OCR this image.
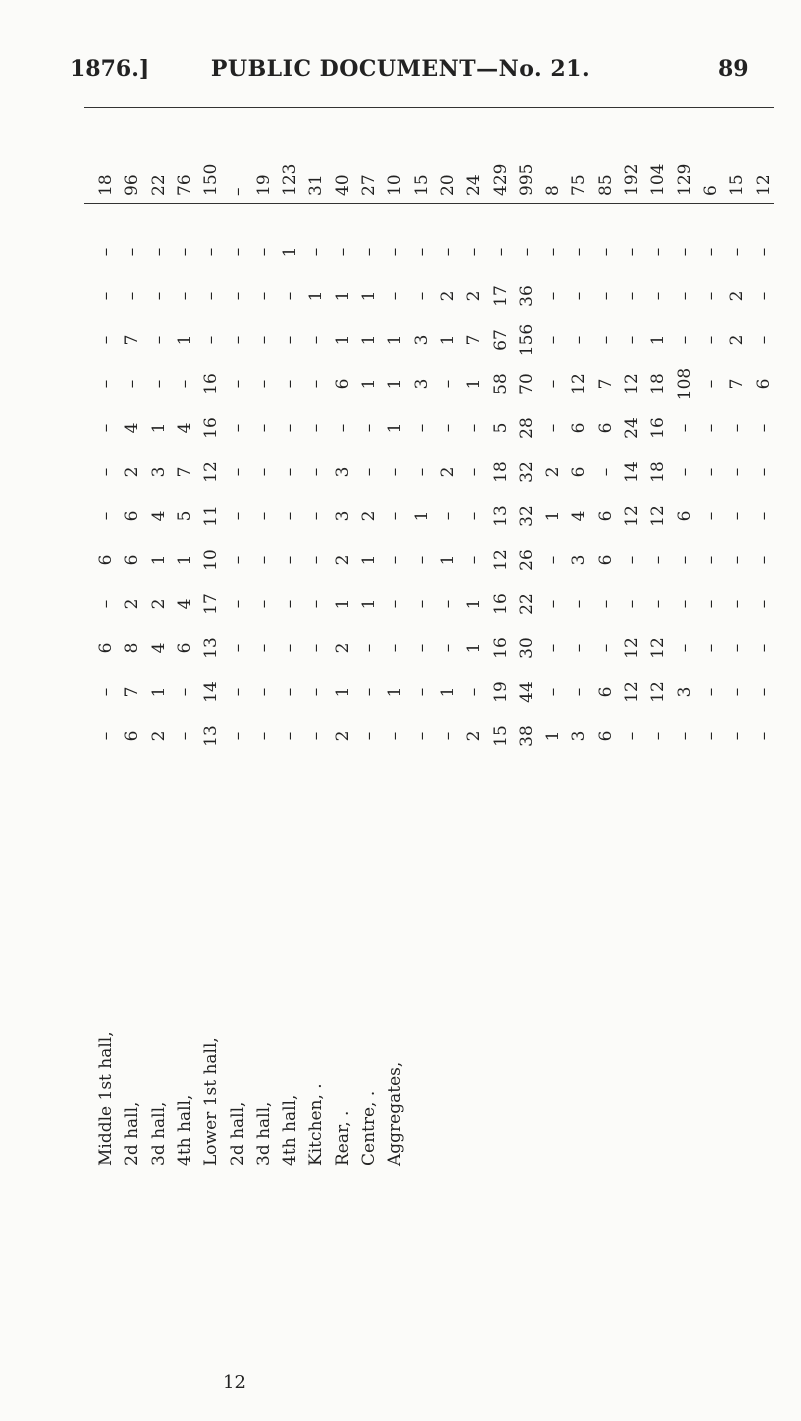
1876.]	PUBLIC DOCUMENT—No. 21.	89
Middle 1st hall,
–
–
6
–
6
–
–
–
–
–
–
–
18
2d hall,
6
7
8
2
6
6
2
4
–
7
–
–
96
3d hall,
2
1
4
2
1
4
3
1
–
–
–
–
22
4th hall,
–
–
6
4
1
5
7
4
–
1
–
–
76
Lower 1st hall,
13
14
13
17
10
11
12
16
16
–
–
–
150
2d hall,
–
–
–
–
–
–
–
–
–
–
–
–
–
3d hall,
–
–
–
–
–
–
–
–
–
–
–
–
19
4th hall,
–
–
–
–
–
–
–
–
–
–
–
1
123
Kitchen, .
–
–
–
–
–
–
–
–
–
–
1
–
31
Rear, .
2
1
2
1
2
3
3
–
6
1
1
–
40
Centre, .
–
–
–
1
1
2
–
–
1
1
1
–
27
Aggregates,
–
1
–
–
–
–
–
1
1
1
–
–
10
–
–
–
–
–
1
–
–
3
3
–
–
15
–
1
–
–
1
–
2
–
–
1
2
–
20
2
–
1
1
–
–
–
–
1
7
2
–
24
15
19
16
16
12
13
18
5
58
67
17
–
429
38
44
30
22
26
32
32
28
70
156
36
–
995
1
–
–
–
–
1
2
–
–
–
–
–
8
3
–
–
–
3
4
6
6
12
–
–
–
75
6
6
–
–
6
6
–
6
7
–
–
–
85
–
12
12
–
–
12
14
24
12
–
–
–
192
–
12
12
–
–
12
18
16
18
1
–
–
104
–
3
–
–
–
6
–
–
108
–
–
–
129
–
–
–
–
–
–
–
–
–
–
–
–
6
–
–
–
–
–
–
–
–
7
2
2
–
15
–
–
–
–
–
–
–
–
6
–
–
–
12
12
